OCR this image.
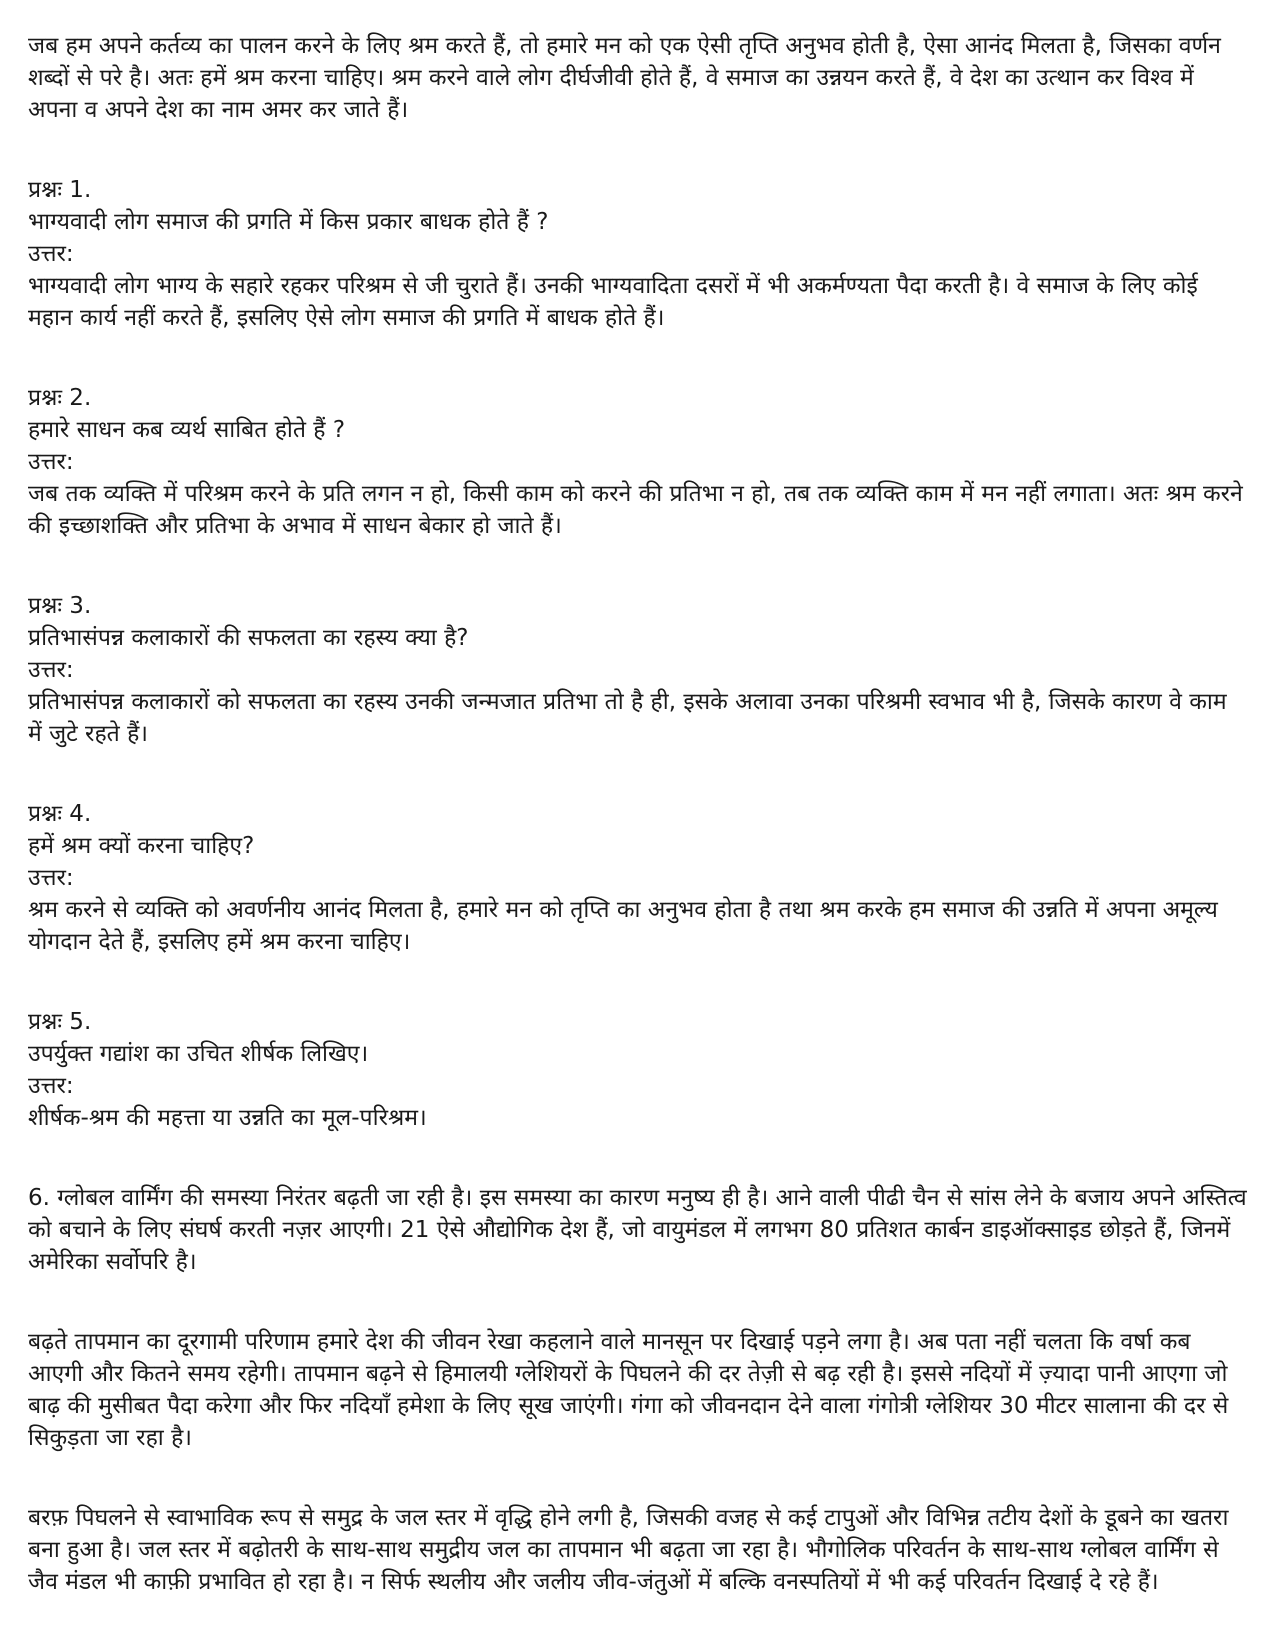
जब हम अपने कर्तव्य का पालन करने के लिए श्रम करते हैं, तो हमारे मन को एक ऐसी तृप्ति अनुभव होती है, ऐसा आनंद मिलता है, जिसका वर्णन शब्दों से परे है। अतः हमें श्रम करना चाहिए। श्रम करने वाले लोग दीर्घजीवी होते हैं, वे समाज का उन्नयन करते हैं, वे देश का उत्थान कर विश्व में अपना व अपने देश का नाम अमर कर जाते हैं।

प्रश्नः 1.

भाग्यवादी लोग समाज की प्रगति में किस प्रकार बाधक होते हैं ?

उत्तर:

भाग्यवादी लोग भाग्य के सहारे रहकर परिश्रम से जी चुराते हैं। उनकी भाग्यवादिता दसरों में भी अकर्मण्यता पैदा करती है। वे समाज के लिए कोई महान कार्य नहीं करते हैं, इसलिए ऐसे लोग समाज की प्रगति में बाधक होते हैं।

प्रश्नः 2.

हमारे साधन कब व्यर्थ साबित होते हैं ?

उत्तर:

जब तक व्यक्ति में परिश्रम करने के प्रति लगन न हो, किसी काम को करने की प्रतिभा न हो, तब तक व्यक्ति काम में मन नहीं लगाता। अतः श्रम करने की इच्छाशक्ति और प्रतिभा के अभाव में साधन बेकार हो जाते हैं।

प्रश्नः 3.

प्रतिभासंपन्न कलाकारों की सफलता का रहस्य क्या है?

उत्तर:

प्रतिभासंपन्न कलाकारों को सफलता का रहस्य उनकी जन्मजात प्रतिभा तो है ही, इसके अलावा उनका परिश्रमी स्वभाव भी है, जिसके कारण वे काम में जुटे रहते हैं।

प्रश्नः 4.

हमें श्रम क्यों करना चाहिए?

उत्तर:

श्रम करने से व्यक्ति को अवर्णनीय आनंद मिलता है, हमारे मन को तृप्ति का अनुभव होता है तथा श्रम करके हम समाज की उन्नति में अपना अमूल्य योगदान देते हैं, इसलिए हमें श्रम करना चाहिए।

प्रश्नः 5.

उपर्युक्त गद्यांश का उचित शीर्षक लिखिए।

उत्तर:

शीर्षक-श्रम की महत्ता या उन्नति का मूल-परिश्रम।

6. ग्लोबल वार्मिंग की समस्या निरंतर बढ़ती जा रही है। इस समस्या का कारण मनुष्य ही है। आने वाली पीढी चैन से सांस लेने के बजाय अपने अस्तित्व को बचाने के लिए संघर्ष करती नज़र आएगी। 21 ऐसे औद्योगिक देश हैं, जो वायुमंडल में लगभग 80 प्रतिशत कार्बन डाइऑक्साइड छोड़ते हैं, जिनमें अमेरिका सर्वोपरि है।

बढ़ते तापमान का दूरगामी परिणाम हमारे देश की जीवन रेखा कहलाने वाले मानसून पर दिखाई पड़ने लगा है। अब पता नहीं चलता कि वर्षा कब आएगी और कितने समय रहेगी। तापमान बढ़ने से हिमालयी ग्लेशियरों के पिघलने की दर तेज़ी से बढ़ रही है। इससे नदियों में ज़्यादा पानी आएगा जो बाढ़ की मुसीबत पैदा करेगा और फिर नदियाँ हमेशा के लिए सूख जाएंगी। गंगा को जीवनदान देने वाला गंगोत्री ग्लेशियर 30 मीटर सालाना की दर से सिकुड़ता जा रहा है।

बरफ़ पिघलने से स्वाभाविक रूप से समुद्र के जल स्तर में वृद्धि होने लगी है, जिसकी वजह से कई टापुओं और विभिन्न तटीय देशों के डूबने का खतरा बना हुआ है। जल स्तर में बढ़ोतरी के साथ-साथ समुद्रीय जल का तापमान भी बढ़ता जा रहा है। भौगोलिक परिवर्तन के साथ-साथ ग्लोबल वार्मिंग से जैव मंडल भी काफ़ी प्रभावित हो रहा है। न सिर्फ स्थलीय और जलीय जीव-जंतुओं में बल्कि वनस्पतियों में भी कई परिवर्तन दिखाई दे रहे हैं।
